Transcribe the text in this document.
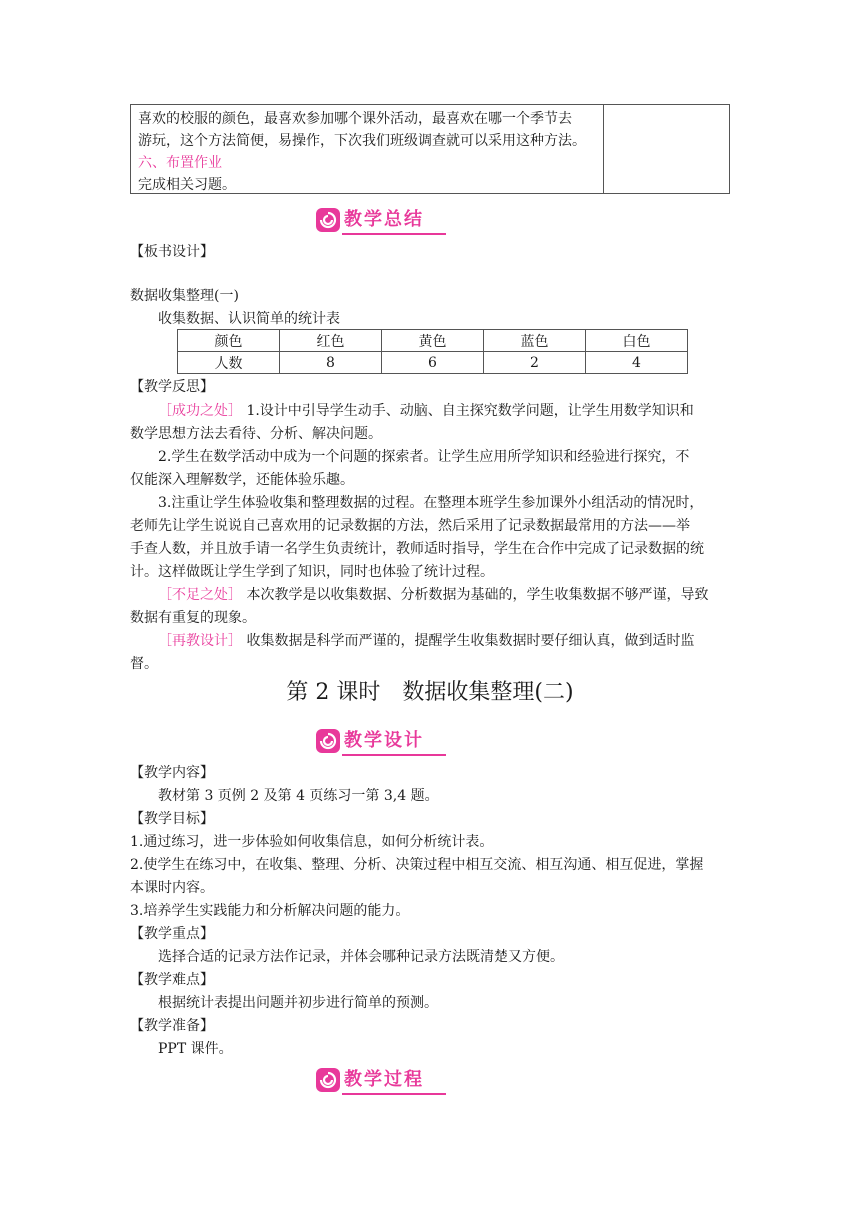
喜欢的校服的颜色，最喜欢参加哪个课外活动，最喜欢在哪一个季节去
游玩，这个方法简便，易操作，下次我们班级调查就可以采用这种方法。
六、布置作业
完成相关习题。
教学总结
【板书设计】
数据收集整理(一)
收集数据、认识简单的统计表
颜色	红色	黄色	蓝色	白色
人数	8	6	2	4
【教学反思】
［成功之处］ 1.设计中引导学生动手、动脑、自主探究数学问题，让学生用数学知识和
数学思想方法去看待、分析、解决问题。
2.学生在数学活动中成为一个问题的探索者。让学生应用所学知识和经验进行探究，不
仅能深入理解数学，还能体验乐趣。
3.注重让学生体验收集和整理数据的过程。在整理本班学生参加课外小组活动的情况时，
老师先让学生说说自己喜欢用的记录数据的方法，然后采用了记录数据最常用的方法——举
手查人数，并且放手请一名学生负责统计，教师适时指导，学生在合作中完成了记录数据的统
计。这样做既让学生学到了知识，同时也体验了统计过程。
［不足之处］ 本次教学是以收集数据、分析数据为基础的，学生收集数据不够严谨，导致
数据有重复的现象。
［再教设计］ 收集数据是科学而严谨的，提醒学生收集数据时要仔细认真，做到适时监
督。
第 2 课时　数据收集整理(二)
教学设计
【教学内容】
教材第 3 页例 2 及第 4 页练习一第 3,4 题。
【教学目标】
1.通过练习，进一步体验如何收集信息，如何分析统计表。
2.使学生在练习中，在收集、整理、分析、决策过程中相互交流、相互沟通、相互促进，掌握
本课时内容。
3.培养学生实践能力和分析解决问题的能力。
【教学重点】
选择合适的记录方法作记录，并体会哪种记录方法既清楚又方便。
【教学难点】
根据统计表提出问题并初步进行简单的预测。
【教学准备】
PPT 课件。
教学过程
